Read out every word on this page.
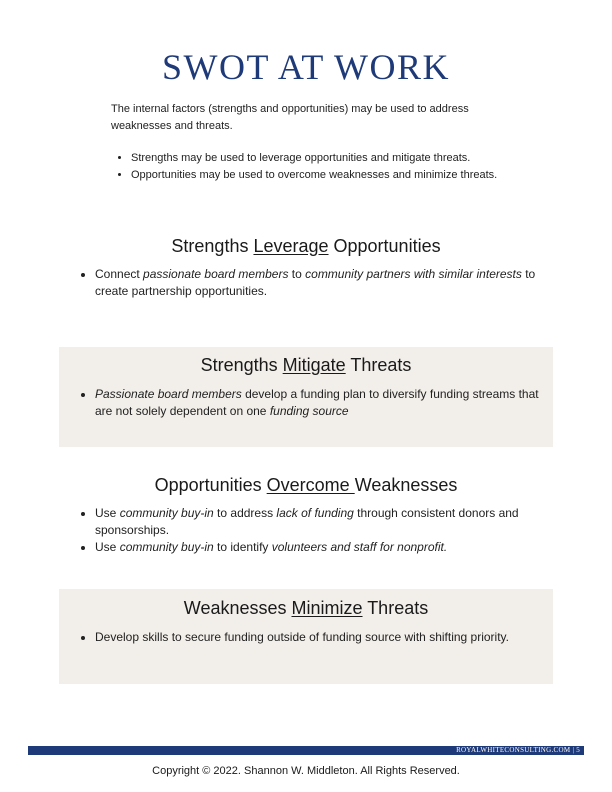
SWOT AT WORK

The internal factors (strengths and opportunities) may be used to address weaknesses and threats.

• Strengths may be used to leverage opportunities and mitigate threats.
• Opportunities may be used to overcome weaknesses and minimize threats.
Strengths Leverage Opportunities
• Connect passionate board members to community partners with similar interests to create partnership opportunities.
Strengths Mitigate Threats
• Passionate board members develop a funding plan to diversify funding streams that are not solely dependent on one funding source
Opportunities Overcome Weaknesses
• Use community buy-in to address lack of funding through consistent donors and sponsorships.
• Use community buy-in to identify volunteers and staff for nonprofit.
Weaknesses Minimize Threats
• Develop skills to secure funding outside of funding source with shifting priority.
ROYALWHITECONSULTING.COM | 5
Copyright © 2022. Shannon W. Middleton. All Rights Reserved.
